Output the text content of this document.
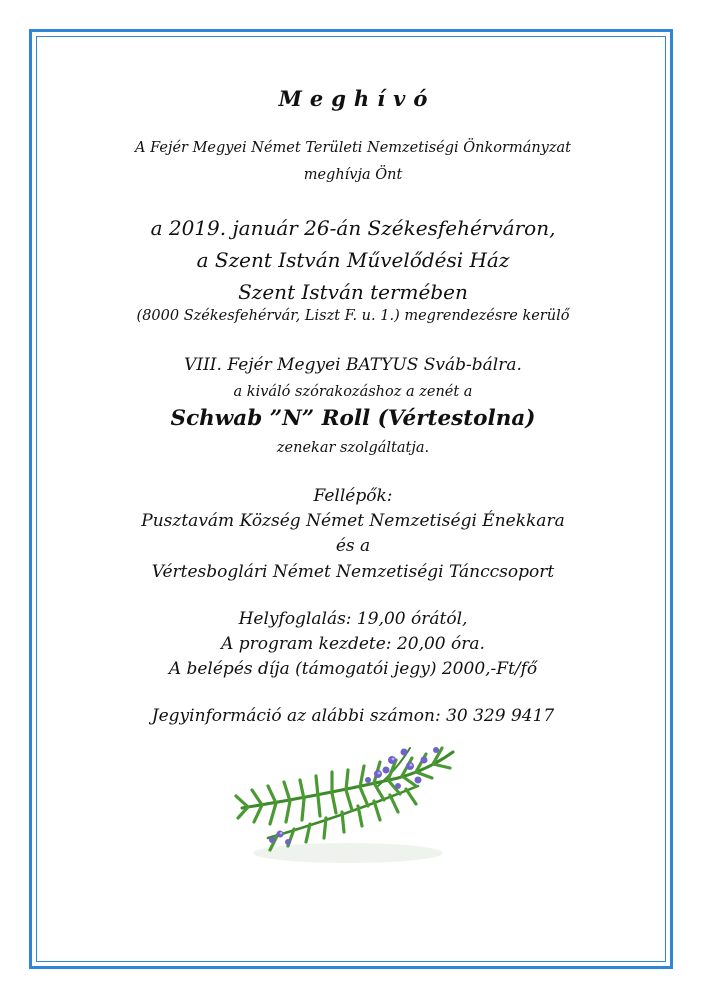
Meghívó
A Fejér Megyei Német Területi Nemzetiségi Önkormányzat
meghívja Önt
a 2019. január 26-án Székesfehérváron,
a Szent István Művelődési Ház
Szent István termében
(8000 Székesfehérvár, Liszt F. u. 1.) megrendezésre kerülő
VIII. Fejér Megyei BATYUS Sváb-bálra.
a kiváló szórakozáshoz a zenét a
Schwab ”N” Roll (Vértestolna)
zenekar szolgáltatja.
Fellépők:
Pusztavám Község Német Nemzetiségi Énekkara
és a
Vértesboglári Német Nemzetiségi Tánccsoport
Helyfoglalás: 19,00 órától,
A program kezdete: 20,00 óra.
A belépés díja (támogatói jegy) 2000,-Ft/fő
Jegyinformáció az alábbi számon: 30 329 9417
